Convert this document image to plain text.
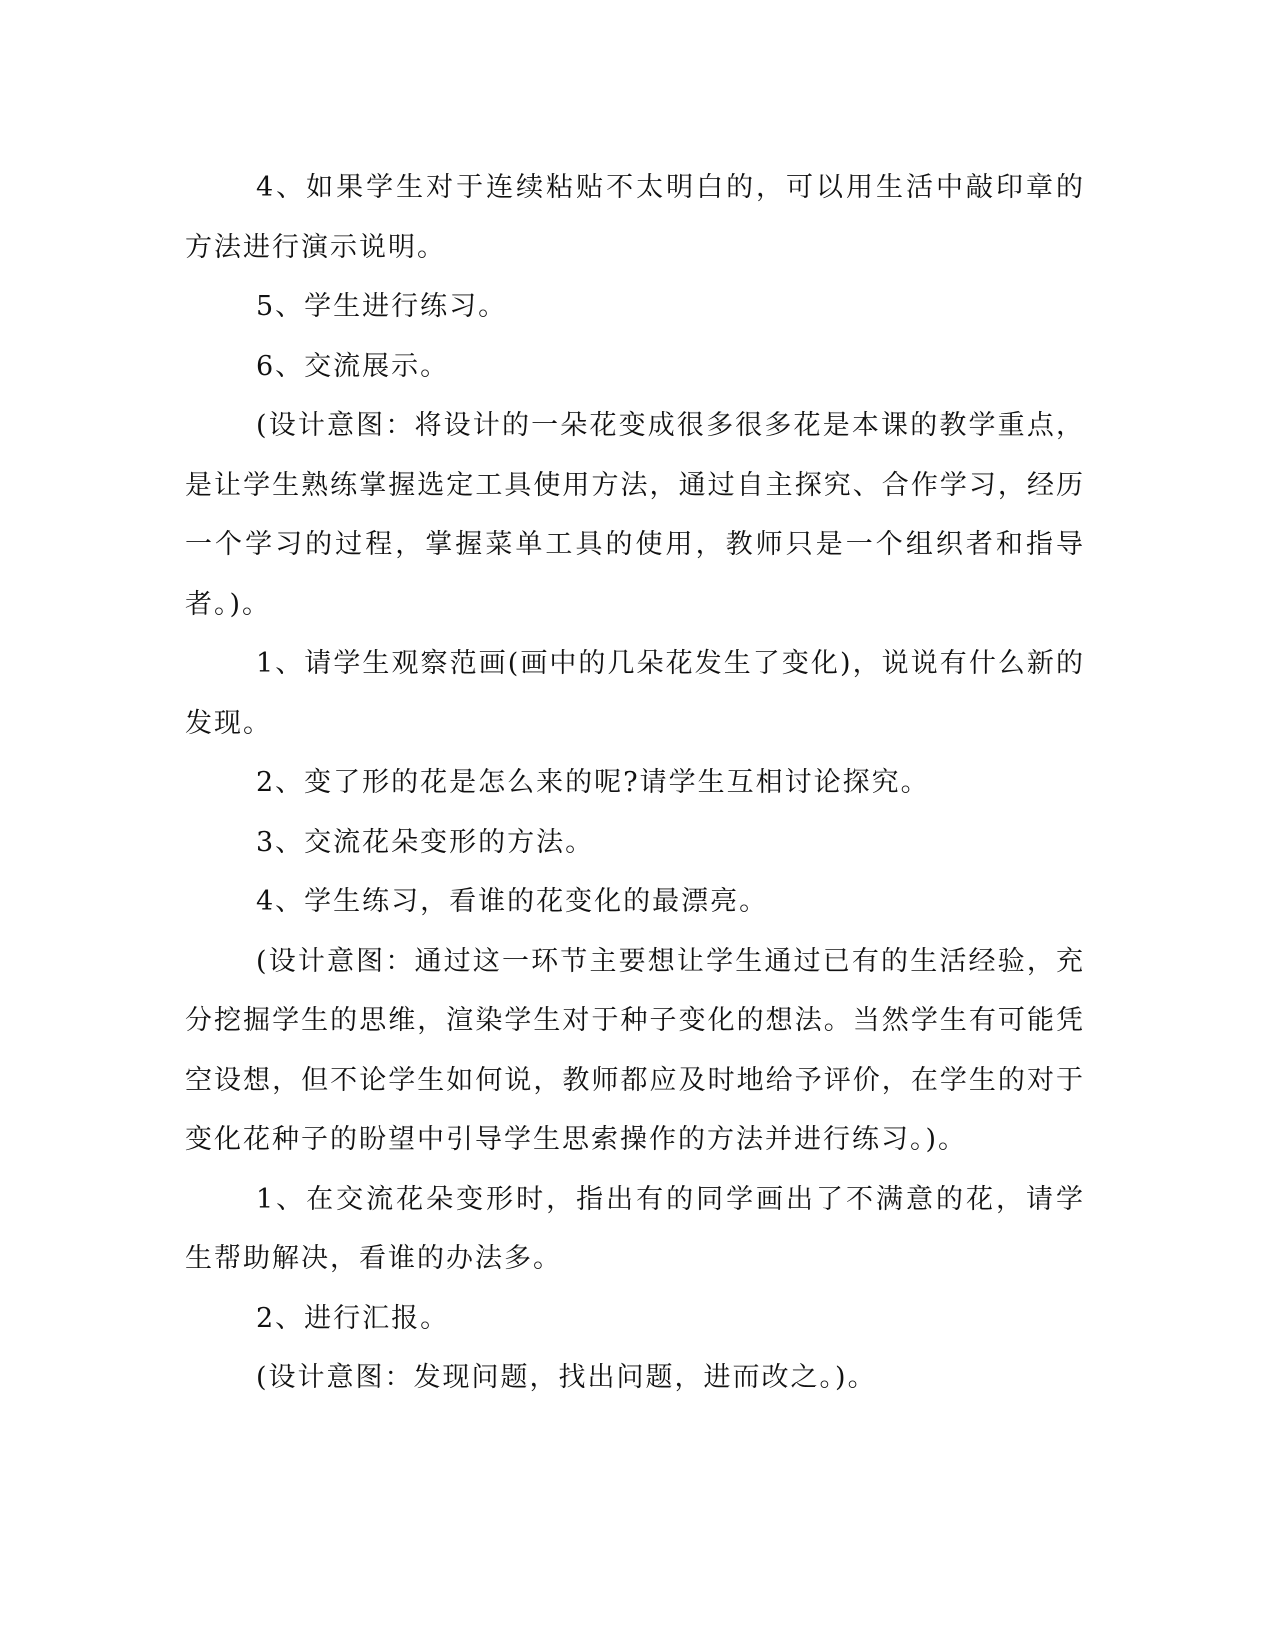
4、如果学生对于连续粘贴不太明白的，可以用生活中敲印章的方法进行演示说明。

5、学生进行练习。

6、交流展示。

(设计意图：将设计的一朵花变成很多很多花是本课的教学重点，是让学生熟练掌握选定工具使用方法，通过自主探究、合作学习，经历一个学习的过程，掌握菜单工具的使用，教师只是一个组织者和指导者。)。

1、请学生观察范画(画中的几朵花发生了变化)，说说有什么新的发现。

2、变了形的花是怎么来的呢?请学生互相讨论探究。

3、交流花朵变形的方法。

4、学生练习，看谁的花变化的最漂亮。

(设计意图：通过这一环节主要想让学生通过已有的生活经验，充分挖掘学生的思维，渲染学生对于种子变化的想法。当然学生有可能凭空设想，但不论学生如何说，教师都应及时地给予评价，在学生的对于变化花种子的盼望中引导学生思索操作的方法并进行练习。)。

1、在交流花朵变形时，指出有的同学画出了不满意的花，请学生帮助解决，看谁的办法多。

2、进行汇报。

(设计意图：发现问题，找出问题，进而改之。)。
